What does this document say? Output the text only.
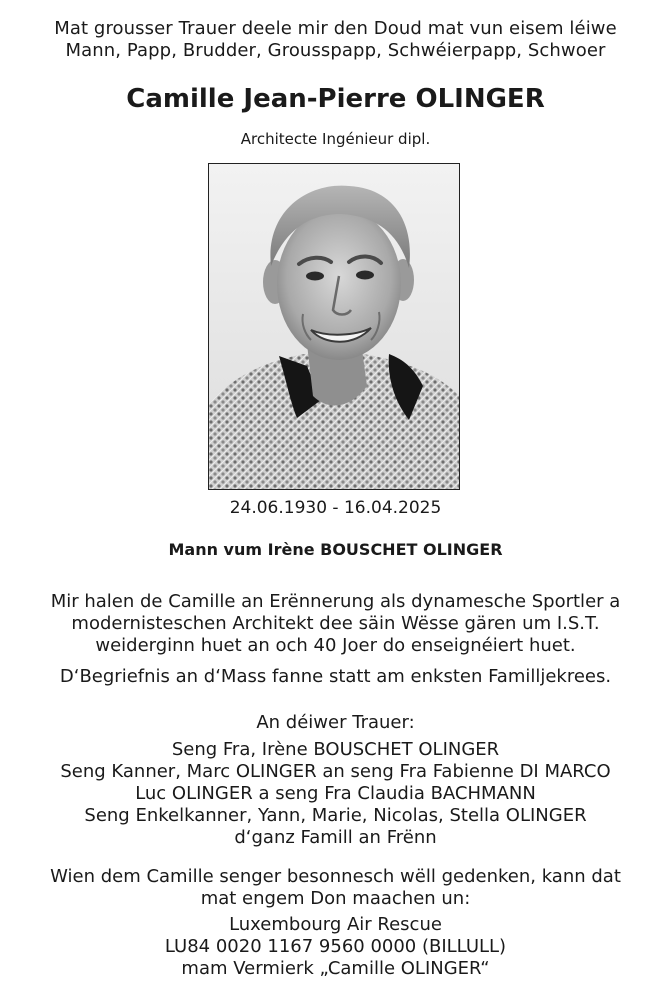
Mat grousser Trauer deele mir den Doud mat vun eisem léiwe
Mann, Papp, Brudder, Grousspapp, Schwéierpapp, Schwoer
Camille Jean-Pierre OLINGER
Architecte Ingénieur dipl.
24.06.1930 - 16.04.2025
Mann vum Irène BOUSCHET OLINGER
Mir halen de Camille an Erënnerung als dynamesche Sportler a
modernisteschen Architekt dee säin Wësse gären um I.S.T.
weiderginn huet an och 40 Joer do enseignéiert huet.
D‘Begriefnis an d‘Mass fanne statt am enksten Familljekrees.
An déiwer Trauer:
Seng Fra, Irène BOUSCHET OLINGER
Seng Kanner, Marc OLINGER an seng Fra Fabienne DI MARCO
Luc OLINGER a seng Fra Claudia BACHMANN
Seng Enkelkanner, Yann, Marie, Nicolas, Stella OLINGER
d‘ganz Famill an Frënn
Wien dem Camille senger besonnesch wëll gedenken, kann dat
mat engem Don maachen un:
Luxembourg Air Rescue
LU84 0020 1167 9560 0000 (BILLULL)
mam Vermierk „Camille OLINGER“
